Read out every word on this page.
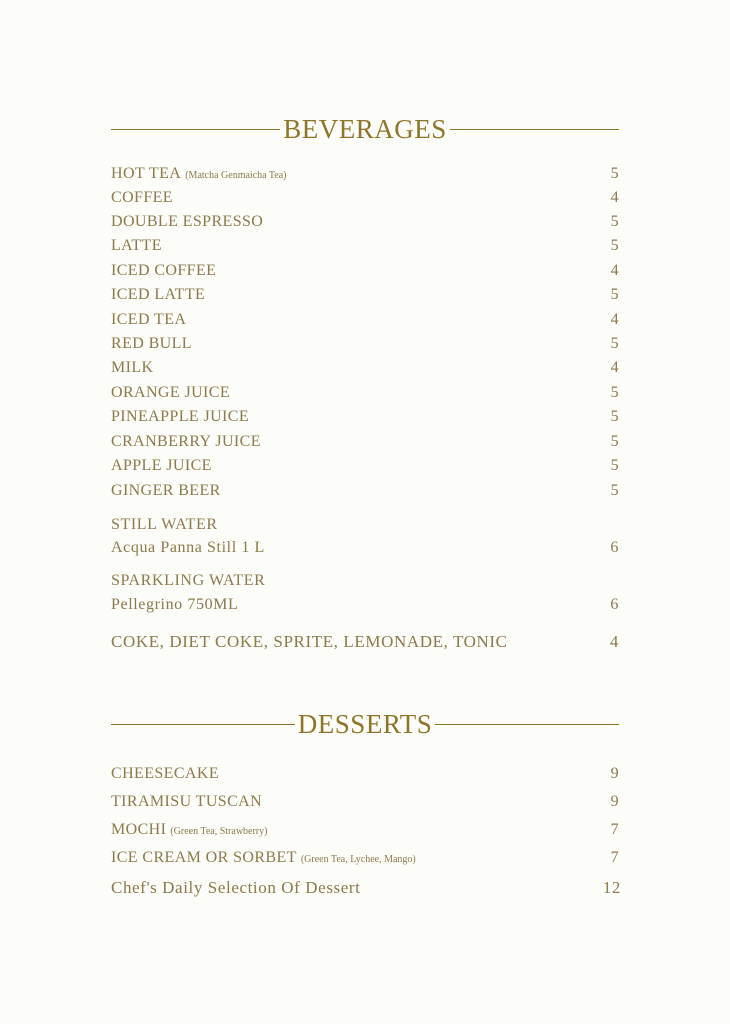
BEVERAGES
HOT TEA (Matcha Genmaicha Tea)	5
COFFEE	4
DOUBLE ESPRESSO	5
LATTE	5
ICED COFFEE	4
ICED LATTE	5
ICED TEA	4
RED BULL	5
MILK	4
ORANGE JUICE	5
PINEAPPLE JUICE	5
CRANBERRY JUICE	5
APPLE JUICE	5
GINGER BEER	5
STILL WATER
Acqua Panna Still 1 L	6
SPARKLING WATER
Pellegrino 750ML	6
COKE, DIET COKE, SPRITE, LEMONADE, TONIC	4
DESSERTS
CHEESECAKE	9
TIRAMISU TUSCAN	9
MOCHI (Green Tea, Strawberry)	7
ICE CREAM OR SORBET (Green Tea, Lychee, Mango)	7
Chef's Daily Selection Of Dessert	12
